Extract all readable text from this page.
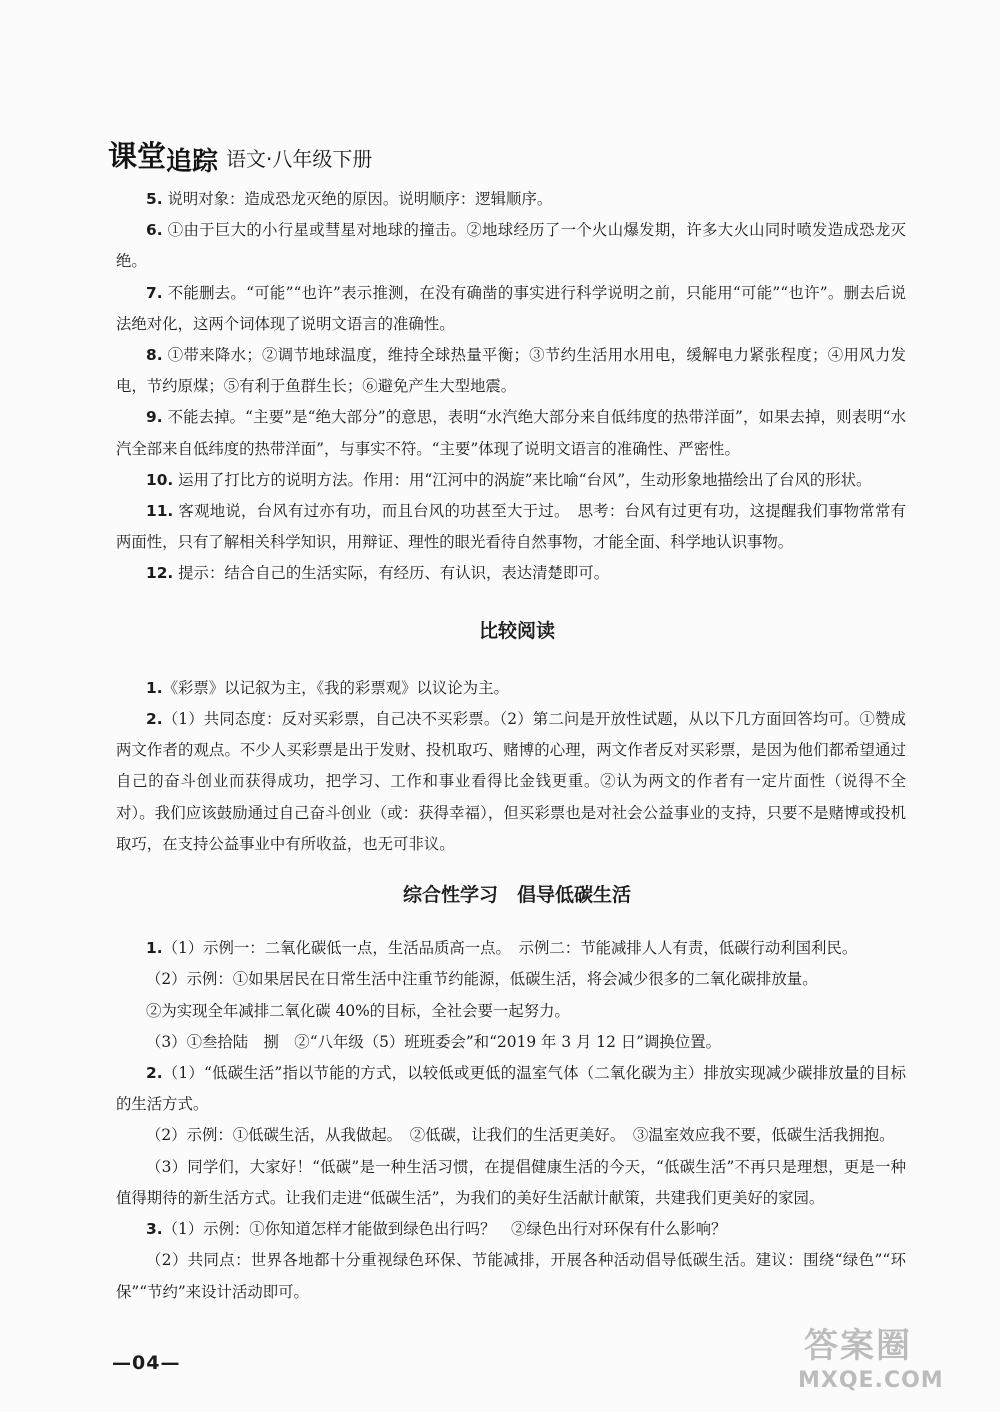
课堂追踪 语文·八年级下册

5. 说明对象：造成恐龙灭绝的原因。说明顺序：逻辑顺序。

6. ①由于巨大的小行星或彗星对地球的撞击。②地球经历了一个火山爆发期，许多大火山同时喷发造成恐龙灭绝。

7. 不能删去。“可能”“也许”表示推测，在没有确凿的事实进行科学说明之前，只能用“可能”“也许”。删去后说法绝对化，这两个词体现了说明文语言的准确性。

8. ①带来降水；②调节地球温度，维持全球热量平衡；③节约生活用水用电，缓解电力紧张程度；④用风力发电，节约原煤；⑤有利于鱼群生长；⑥避免产生大型地震。

9. 不能去掉。“主要”是“绝大部分”的意思，表明“水汽绝大部分来自低纬度的热带洋面”，如果去掉，则表明“水汽全部来自低纬度的热带洋面”，与事实不符。“主要”体现了说明文语言的准确性、严密性。

10. 运用了打比方的说明方法。作用：用“江河中的涡旋”来比喻“台风”，生动形象地描绘出了台风的形状。

11. 客观地说，台风有过亦有功，而且台风的功甚至大于过。　思考：台风有过更有功，这提醒我们事物常常有两面性，只有了解相关科学知识，用辩证、理性的眼光看待自然事物，才能全面、科学地认识事物。

12. 提示：结合自己的生活实际，有经历、有认识，表达清楚即可。

比较阅读

1.《彩票》以记叙为主，《我的彩票观》以议论为主。

2.（1）共同态度：反对买彩票，自己决不买彩票。（2）第二问是开放性试题，从以下几方面回答均可。①赞成两文作者的观点。不少人买彩票是出于发财、投机取巧、赌博的心理，两文作者反对买彩票，是因为他们都希望通过自己的奋斗创业而获得成功，把学习、工作和事业看得比金钱更重。②认为两文的作者有一定片面性（说得不全对）。我们应该鼓励通过自己奋斗创业（或：获得幸福），但买彩票也是对社会公益事业的支持，只要不是赌博或投机取巧，在支持公益事业中有所收益，也无可非议。

综合性学习　倡导低碳生活

1.（1）示例一：二氧化碳低一点，生活品质高一点。　示例二：节能减排人人有责，低碳行动利国利民。

（2）示例：①如果居民在日常生活中注重节约能源，低碳生活，将会减少很多的二氧化碳排放量。

②为实现全年减排二氧化碳 40%的目标，全社会要一起努力。

（3）①叁拾陆　捌　②“八年级（5）班班委会”和“2019 年 3 月 12 日”调换位置。

2.（1）“低碳生活”指以节能的方式，以较低或更低的温室气体（二氧化碳为主）排放实现减少碳排放量的目标的生活方式。

（2）示例：①低碳生活，从我做起。　②低碳，让我们的生活更美好。　③温室效应我不要，低碳生活我拥抱。

（3）同学们，大家好！“低碳”是一种生活习惯，在提倡健康生活的今天，“低碳生活”不再只是理想，更是一种值得期待的新生活方式。让我们走进“低碳生活”，为我们的美好生活献计献策，共建我们更美好的家园。

3.（1）示例：①你知道怎样才能做到绿色出行吗？　②绿色出行对环保有什么影响？

（2）共同点：世界各地都十分重视绿色环保、节能减排，开展各种活动倡导低碳生活。建议：围绕“绿色”“环保”“节约”来设计活动即可。

—04—	答案圈
MXQE.COM
